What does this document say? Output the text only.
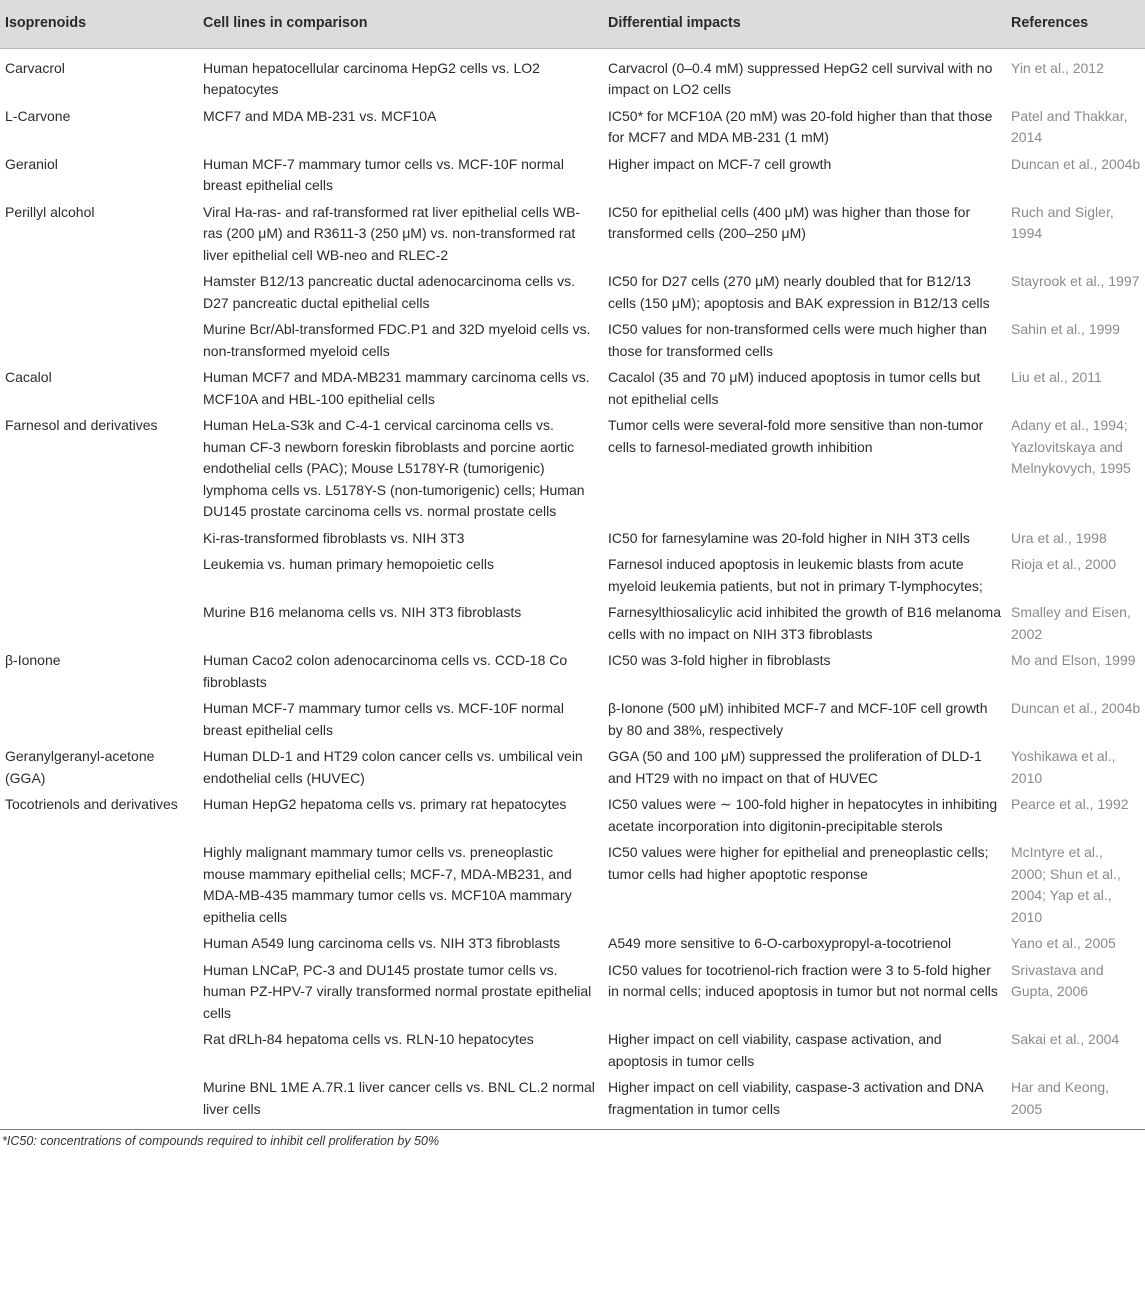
Isoprenoids	Cell lines in comparison	Differential impacts	References
Carvacrol	Human hepatocellular carcinoma HepG2 cells vs. LO2 hepatocytes	Carvacrol (0–0.4 mM) suppressed HepG2 cell survival with no impact on LO2 cells	Yin et al., 2012
L-Carvone	MCF7 and MDA MB-231 vs. MCF10A	IC50* for MCF10A (20 mM) was 20-fold higher than that those for MCF7 and MDA MB-231 (1 mM)	Patel and Thakkar, 2014
Geraniol	Human MCF-7 mammary tumor cells vs. MCF-10F normal breast epithelial cells	Higher impact on MCF-7 cell growth	Duncan et al., 2004b
Perillyl alcohol	Viral Ha-ras- and raf-transformed rat liver epithelial cells WB-ras (200 μM) and R3611-3 (250 μM) vs. non-transformed rat liver epithelial cell WB-neo and RLEC-2	IC50 for epithelial cells (400 μM) was higher than those for transformed cells (200–250 μM)	Ruch and Sigler, 1994
	Hamster B12/13 pancreatic ductal adenocarcinoma cells vs. D27 pancreatic ductal epithelial cells	IC50 for D27 cells (270 μM) nearly doubled that for B12/13 cells (150 μM); apoptosis and BAK expression in B12/13 cells	Stayrook et al., 1997
	Murine Bcr/Abl-transformed FDC.P1 and 32D myeloid cells vs. non-transformed myeloid cells	IC50 values for non-transformed cells were much higher than those for transformed cells	Sahin et al., 1999
Cacalol	Human MCF7 and MDA-MB231 mammary carcinoma cells vs. MCF10A and HBL-100 epithelial cells	Cacalol (35 and 70 μM) induced apoptosis in tumor cells but not epithelial cells	Liu et al., 2011
Farnesol and derivatives	Human HeLa-S3k and C-4-1 cervical carcinoma cells vs. human CF-3 newborn foreskin fibroblasts and porcine aortic endothelial cells (PAC); Mouse L5178Y-R (tumorigenic) lymphoma cells vs. L5178Y-S (non-tumorigenic) cells; Human DU145 prostate carcinoma cells vs. normal prostate cells	Tumor cells were several-fold more sensitive than non-tumor cells to farnesol-mediated growth inhibition	Adany et al., 1994; Yazlovitskaya and Melnykovych, 1995
	Ki-ras-transformed fibroblasts vs. NIH 3T3	IC50 for farnesylamine was 20-fold higher in NIH 3T3 cells	Ura et al., 1998
	Leukemia vs. human primary hemopoietic cells	Farnesol induced apoptosis in leukemic blasts from acute myeloid leukemia patients, but not in primary T-lymphocytes;	Rioja et al., 2000
	Murine B16 melanoma cells vs. NIH 3T3 fibroblasts	Farnesylthiosalicylic acid inhibited the growth of B16 melanoma cells with no impact on NIH 3T3 fibroblasts	Smalley and Eisen, 2002
β-Ionone	Human Caco2 colon adenocarcinoma cells vs. CCD-18 Co fibroblasts	IC50 was 3-fold higher in fibroblasts	Mo and Elson, 1999
	Human MCF-7 mammary tumor cells vs. MCF-10F normal breast epithelial cells	β-Ionone (500 μM) inhibited MCF-7 and MCF-10F cell growth by 80 and 38%, respectively	Duncan et al., 2004b
Geranylgeranyl-acetone (GGA)	Human DLD-1 and HT29 colon cancer cells vs. umbilical vein endothelial cells (HUVEC)	GGA (50 and 100 μM) suppressed the proliferation of DLD-1 and HT29 with no impact on that of HUVEC	Yoshikawa et al., 2010
Tocotrienols and derivatives	Human HepG2 hepatoma cells vs. primary rat hepatocytes	IC50 values were ∼ 100-fold higher in hepatocytes in inhibiting acetate incorporation into digitonin-precipitable sterols	Pearce et al., 1992
	Highly malignant mammary tumor cells vs. preneoplastic mouse mammary epithelial cells; MCF-7, MDA-MB231, and MDA-MB-435 mammary tumor cells vs. MCF10A mammary epithelia cells	IC50 values were higher for epithelial and preneoplastic cells; tumor cells had higher apoptotic response	McIntyre et al., 2000; Shun et al., 2004; Yap et al., 2010
	Human A549 lung carcinoma cells vs. NIH 3T3 fibroblasts	A549 more sensitive to 6-O-carboxypropyl-a-tocotrienol	Yano et al., 2005
	Human LNCaP, PC-3 and DU145 prostate tumor cells vs. human PZ-HPV-7 virally transformed normal prostate epithelial cells	IC50 values for tocotrienol-rich fraction were 3 to 5-fold higher in normal cells; induced apoptosis in tumor but not normal cells	Srivastava and Gupta, 2006
	Rat dRLh-84 hepatoma cells vs. RLN-10 hepatocytes	Higher impact on cell viability, caspase activation, and apoptosis in tumor cells	Sakai et al., 2004
	Murine BNL 1ME A.7R.1 liver cancer cells vs. BNL CL.2 normal liver cells	Higher impact on cell viability, caspase-3 activation and DNA fragmentation in tumor cells	Har and Keong, 2005
*IC50: concentrations of compounds required to inhibit cell proliferation by 50%
